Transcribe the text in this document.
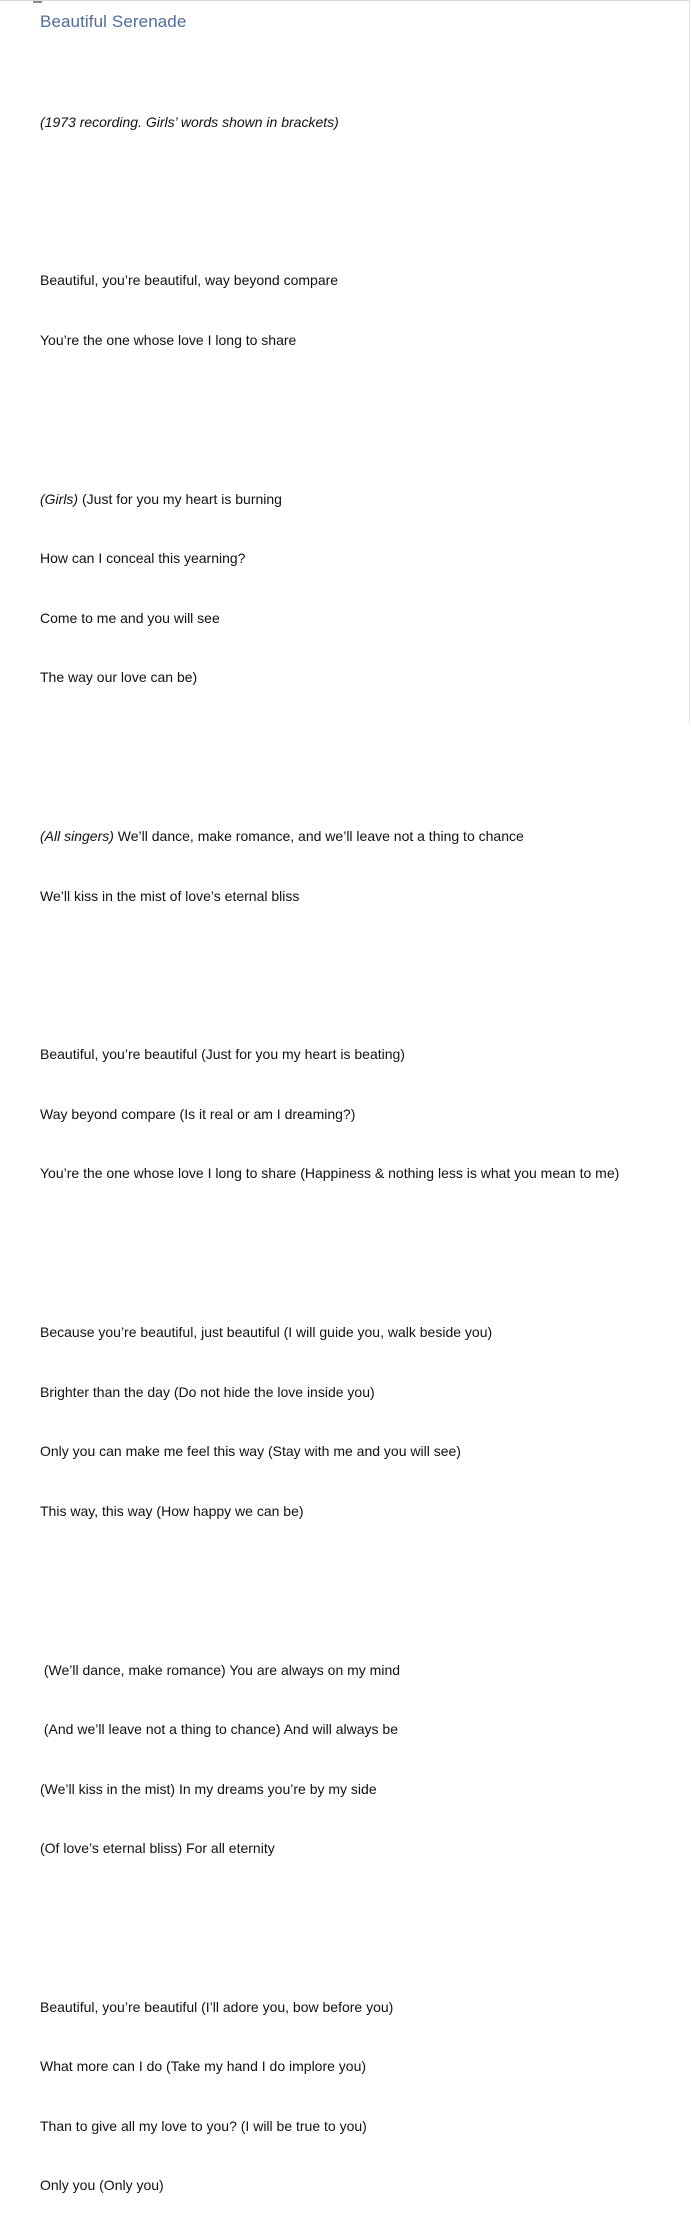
Beautiful Serenade

(1973 recording. Girls’ words shown in brackets)

Beautiful, you’re beautiful, way beyond compare

You’re the one whose love I long to share

(Girls) (Just for you my heart is burning

How can I conceal this yearning?

Come to me and you will see

The way our love can be)

(All singers) We’ll dance, make romance, and we’ll leave not a thing to chance

We’ll kiss in the mist of love’s eternal bliss

Beautiful, you’re beautiful (Just for you my heart is beating)

Way beyond compare (Is it real or am I dreaming?)

You’re the one whose love I long to share (Happiness & nothing less is what you mean to me)

Because you’re beautiful, just beautiful (I will guide you, walk beside you)

Brighter than the day (Do not hide the love inside you)

Only you can make me feel this way (Stay with me and you will see)

This way, this way (How happy we can be)

(We’ll dance, make romance) You are always on my mind

(And we’ll leave not a thing to chance) And will always be

(We’ll kiss in the mist) In my dreams you’re by my side

(Of love’s eternal bliss) For all eternity

Beautiful, you’re beautiful (I’ll adore you, bow before you)

What more can I do (Take my hand I do implore you)

Than to give all my love to you? (I will be true to you)

Only you (Only you)
